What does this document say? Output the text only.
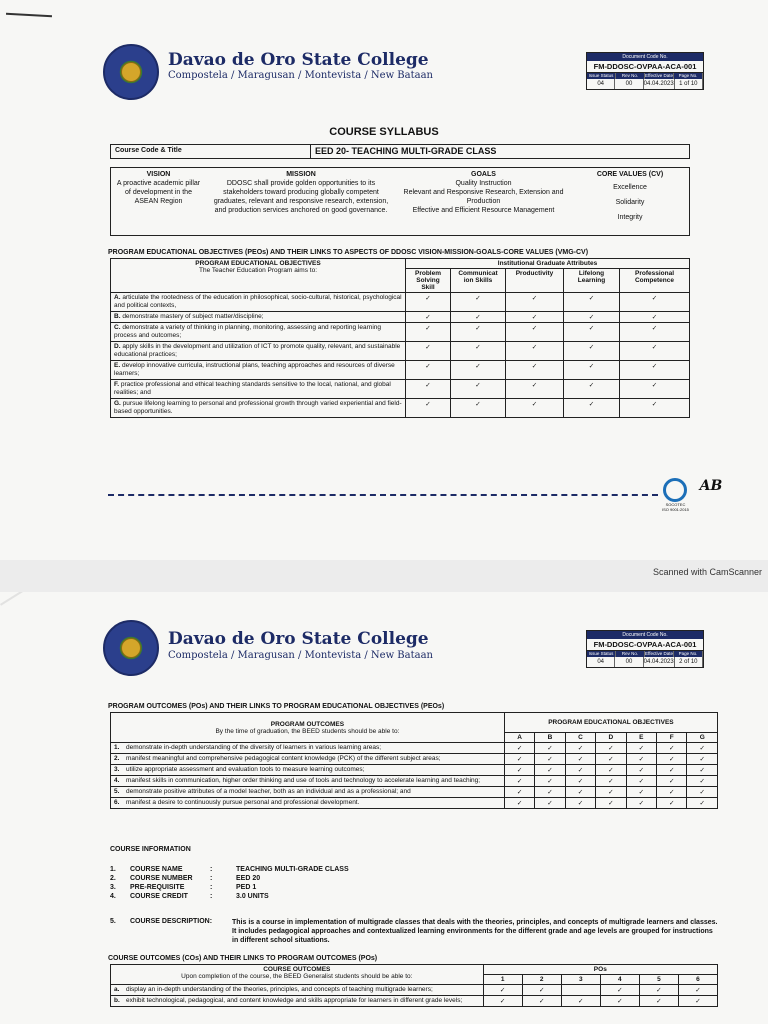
Davao de Oro State College
Compostela / Maragusan / Montevista / New Bataan
Document Code No.
FM-DDOSC-OVPAA-ACA-001
Issue Status	Rev No.	Effective Date	Page No.
04	00	04.04.2023 1 of 10
COURSE SYLLABUS
Course Code & Title	EED 20- TEACHING MULTI-GRADE CLASS
VISION
A proactive academic pillar of development in the ASEAN Region
MISSION
DDOSC shall provide golden opportunities to its stakeholders toward producing globally competent graduates, relevant and responsive research, extension, and production services anchored on good governance.
GOALS
Quality Instruction
Relevant and Responsive Research, Extension and Production
Effective and Efficient Resource Management
CORE VALUES (CV)
Excellence
Solidarity
Integrity
PROGRAM EDUCATIONAL OBJECTIVES (PEOs) AND THEIR LINKS TO ASPECTS OF DDOSC VISION-MISSION-GOALS-CORE VALUES (VMG-CV)
PROGRAM EDUCATIONAL OBJECTIVES
The Teacher Education Program aims to:	Institutional Graduate Attributes				
	Problem Solving Skill	Communicat ion Skills	Productivity	Lifelong Learning	Professional Competence
A. articulate the rootedness of the education in philosophical, socio-cultural, historical, psychological and political contexts,	✓	✓	✓	✓	✓
B. demonstrate mastery of subject matter/discipline;	✓	✓	✓	✓	✓
C. demonstrate a variety of thinking in planning, monitoring, assessing and reporting learning process and outcomes;	✓	✓	✓	✓	✓
D. apply skills in the development and utilization of ICT to promote quality, relevant, and sustainable educational practices;	✓	✓	✓	✓	✓
E. develop innovative curricula, instructional plans, teaching approaches and resources of diverse learners;	✓	✓	✓	✓	✓
F. practice professional and ethical teaching standards sensitive to the local, national, and global realities; and	✓	✓	✓	✓	✓
G. pursue lifelong learning to personal and professional growth through varied experiential and field-based opportunities.	✓	✓	✓	✓	✓
SOCOTEC
ISO 9001:2015
AB
Scanned with CamScanner
Davao de Oro State College
Compostela / Maragusan / Montevista / New Bataan
Document Code No.
FM-DDOSC-OVPAA-ACA-001
Issue Status	Rev No.	Effective Date	Page No.
04	00	04.04.2023 2 of 10
PROGRAM OUTCOMES (POs) AND THEIR LINKS TO PROGRAM EDUCATIONAL OBJECTIVES (PEOs)
PROGRAM OUTCOMES
By the time of graduation, the BEED students should be able to:	PROGRAM EDUCATIONAL OBJECTIVES						
	A	B	C	D	E	F	G
1. demonstrate in-depth understanding of the diversity of learners in various learning areas;	✓	✓	✓	✓	✓	✓	✓
2. manifest meaningful and comprehensive pedagogical content knowledge (PCK) of the different subject areas;	✓	✓	✓	✓	✓	✓	✓
3. utilize appropriate assessment and evaluation tools to measure learning outcomes;	✓	✓	✓	✓	✓	✓	✓
4. manifest skills in communication, higher order thinking and use of tools and technology to accelerate learning and teaching;	✓	✓	✓	✓	✓	✓	✓
5. demonstrate positive attributes of a model teacher, both as an individual and as a professional; and	✓	✓	✓	✓	✓	✓	✓
6. manifest a desire to continuously pursue personal and professional development.	✓	✓	✓	✓	✓	✓	✓
COURSE INFORMATION
1.	COURSE NAME	:	TEACHING MULTI-GRADE CLASS
2.	COURSE NUMBER	:	EED 20
3.	PRE-REQUISITE	:	PED 1
4.	COURSE CREDIT	:	3.0 UNITS
5.	COURSE DESCRIPTION:	This is a course in implementation of multigrade classes that deals with the theories, principles, and concepts of multigrade learners and classes. It includes pedagogical approaches and contextualized learning environments for the different grade and age levels are grouped for instructions in different school situations.
COURSE OUTCOMES (COs) AND THEIR LINKS TO PROGRAM OUTCOMES (POs)
COURSE OUTCOMES
Upon completion of the course, the BEED Generalist students should be able to:	POs					
	1	2	3	4	5	6
a. display an in-depth understanding of the theories, principles, and concepts of teaching multigrade learners;	✓	✓		✓	✓	✓
b. exhibit technological, pedagogical, and content knowledge and skills appropriate for learners in different grade levels;	✓	✓	✓	✓	✓	✓
